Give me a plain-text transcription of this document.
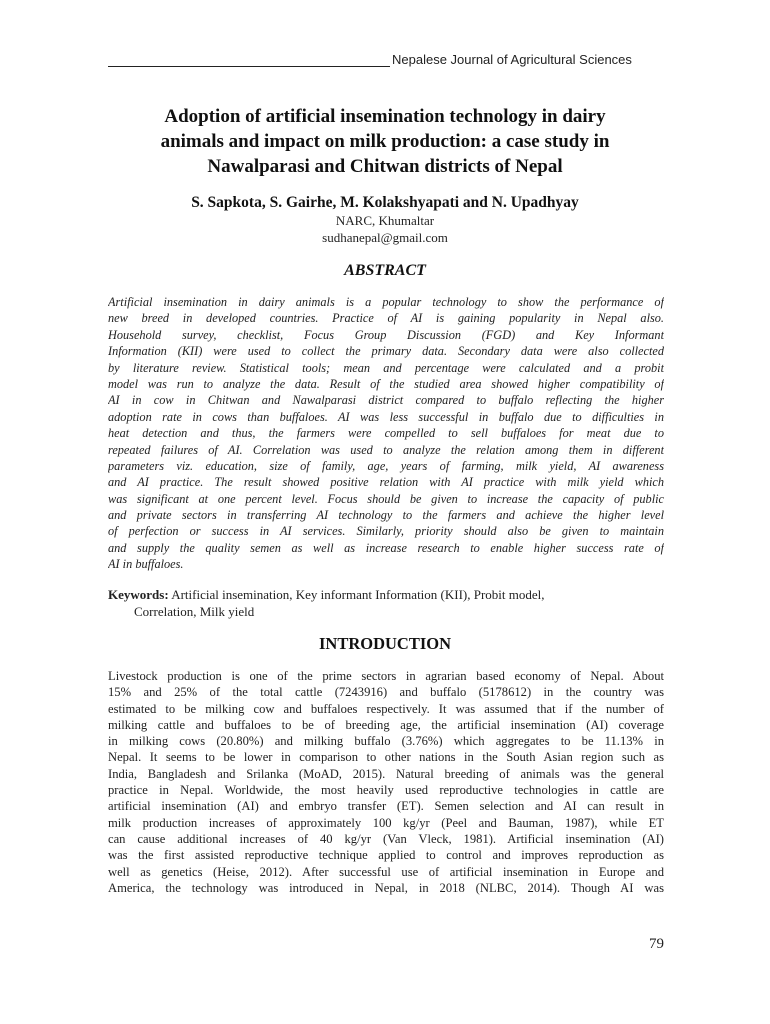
Nepalese Journal of Agricultural Sciences
Adoption of artificial insemination technology in dairy
animals and impact on milk production: a case study in
Nawalparasi and Chitwan districts of Nepal
S. Sapkota, S. Gairhe, M. Kolakshyapati and N. Upadhyay
NARC, Khumaltar
sudhanepal@gmail.com
ABSTRACT
Artificial insemination in dairy animals is a popular technology to show the performance of
new breed in developed countries. Practice of AI is gaining popularity in Nepal also.
Household survey, checklist, Focus Group Discussion (FGD) and Key Informant
Information (KII) were used to collect the primary data. Secondary data were also collected
by literature review. Statistical tools; mean and percentage were calculated and a probit
model was run to analyze the data. Result of the studied area showed higher compatibility of
AI in cow in Chitwan and Nawalparasi district compared to buffalo reflecting the higher
adoption rate in cows than buffaloes. AI was less successful in buffalo due to difficulties in
heat detection and thus, the farmers were compelled to sell buffaloes for meat due to
repeated failures of AI. Correlation was used to analyze the relation among them in different
parameters viz. education, size of family, age, years of farming, milk yield, AI awareness
and AI practice. The result showed positive relation with AI practice with milk yield which
was significant at one percent level. Focus should be given to increase the capacity of public
and private sectors in transferring AI technology to the farmers and achieve the higher level
of perfection or success in AI services. Similarly, priority should also be given to maintain
and supply the quality semen as well as increase research to enable higher success rate of
AI in buffaloes.
Keywords: Artificial insemination, Key informant Information (KII), Probit model,
Correlation, Milk yield
INTRODUCTION
Livestock production is one of the prime sectors in agrarian based economy of Nepal. About
15% and 25% of the total cattle (7243916) and buffalo (5178612) in the country was
estimated to be milking cow and buffaloes respectively. It was assumed that if the number of
milking cattle and buffaloes to be of breeding age, the artificial insemination (AI) coverage
in milking cows (20.80%) and milking buffalo (3.76%) which aggregates to be 11.13% in
Nepal. It seems to be lower in comparison to other nations in the South Asian region such as
India, Bangladesh and Srilanka (MoAD, 2015). Natural breeding of animals was the general
practice in Nepal. Worldwide, the most heavily used reproductive technologies in cattle are
artificial insemination (AI) and embryo transfer (ET). Semen selection and AI can result in
milk production increases of approximately 100 kg/yr (Peel and Bauman, 1987), while ET
can cause additional increases of 40 kg/yr (Van Vleck, 1981). Artificial insemination (AI)
was the first assisted reproductive technique applied to control and improves reproduction as
well as genetics (Heise, 2012). After successful use of artificial insemination in Europe and
America, the technology was introduced in Nepal, in 2018 (NLBC, 2014). Though AI was
79
